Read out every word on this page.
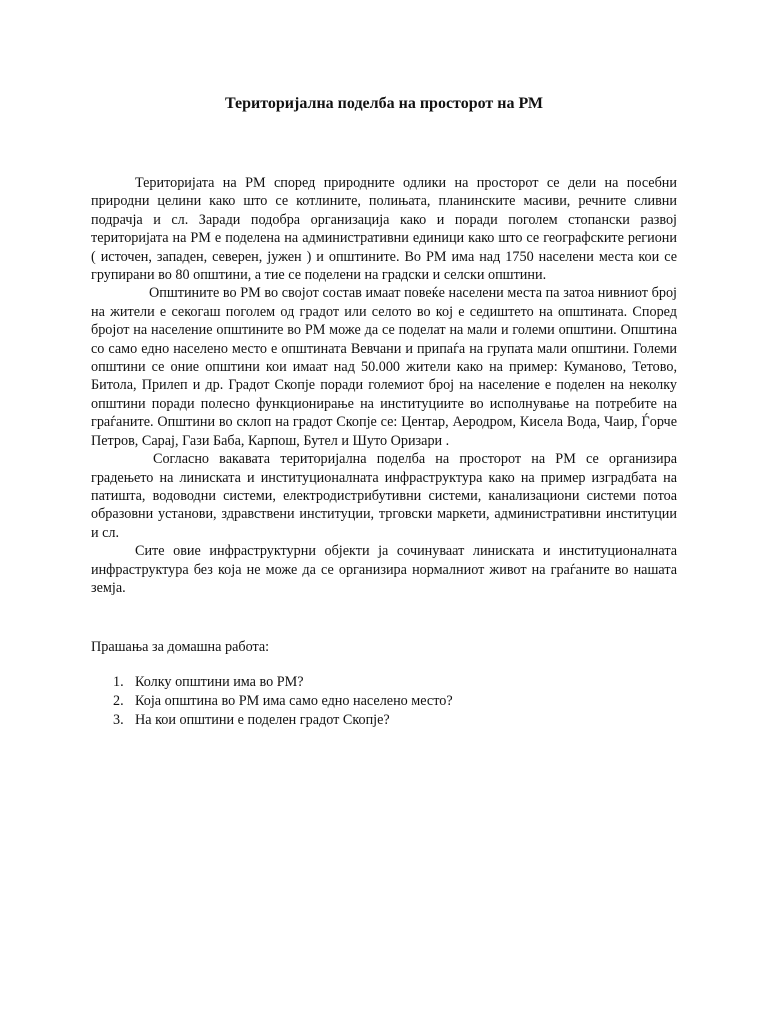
Територијална поделба на просторот на РМ

Територијата на РМ според природните одлики на просторот се дели на посебни природни целини како што се котлините, полињата, планинските масиви, речните сливни подрачја и сл. Заради подобра организација како и поради поголем стопански развој територијата на РМ е поделена на административни единици како што се географските региони ( источен, западен, северен, јужен ) и општините. Во РМ има над 1750 населени места кои се групирани во 80 општини, а тие се поделени на градски и селски општини.

Општините во РМ во својот состав имаат повеќе населени места па затоа нивниот број на жители е секогаш поголем од градот или селото во кој е седиштето на општината. Според бројот на население општините во РМ може да се поделат на мали и големи општини. Општина со само едно населено место е општината Вевчани и припаѓа на групата мали општини. Големи општини се оние општини кои имаат над 50.000 жители како на пример: Куманово, Тетово, Битола, Прилеп и др. Градот Скопје поради големиот број на население е поделен на неколку општини поради полесно функционирање на институциите во исполнување на потребите на граѓаните. Општини во склоп на градот Скопје се: Центар, Аеродром, Кисела Вода, Чаир, Ѓорче Петров, Сарај, Гази Баба, Карпош, Бутел и Шуто Оризари .

Согласно вакавата територијална поделба на просторот на РМ се организира градењето на линиската и институционалната инфраструктура како на пример изградбата на патишта, водоводни системи, електродистрибутивни системи, канализациони системи потоа образовни установи, здравствени институции, трговски маркети, административни институции и сл.

Сите овие инфраструктурни објекти ја сочинуваат линиската и институционалната инфраструктура без која не може да се организира нормалниот живот на граѓаните во нашата земја.

Прашања за домашна работа:
1. Колку општини има во РМ?
2. Која општина во РМ има само едно населено место?
3. На кои општини е поделен градот Скопје?
